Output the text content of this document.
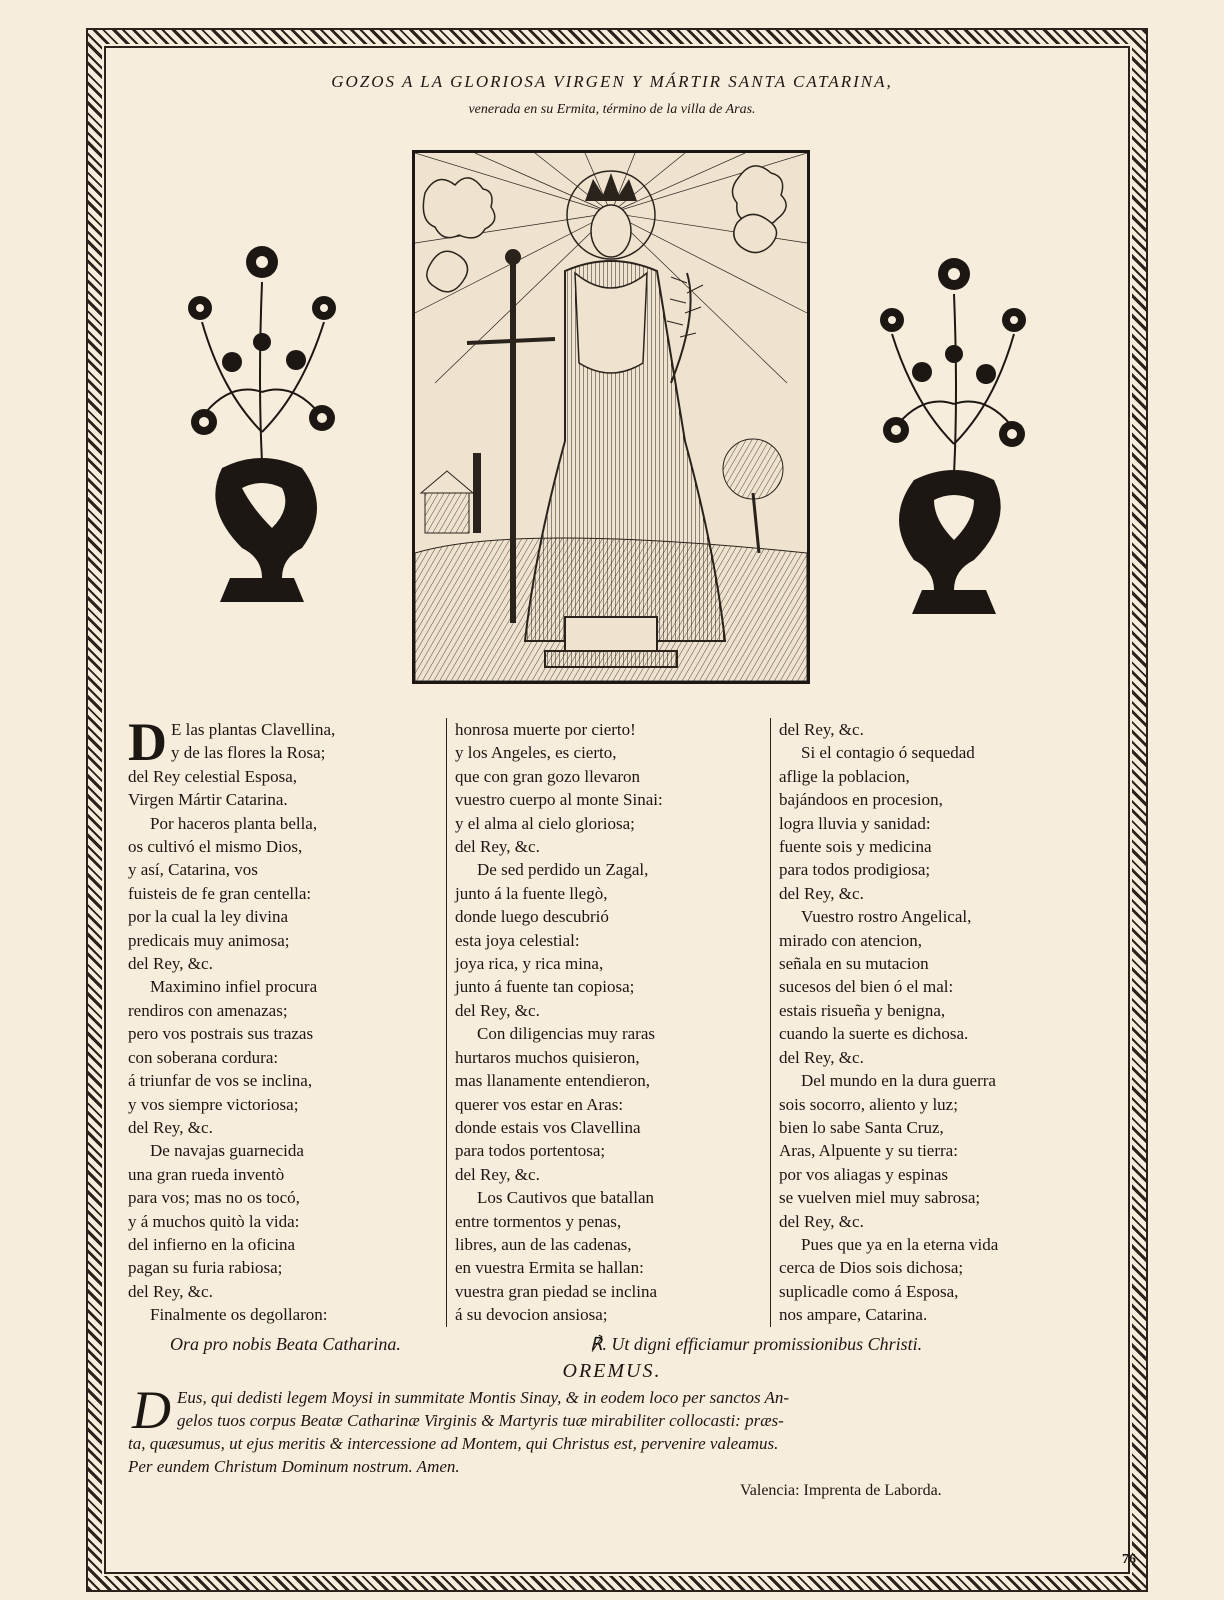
GOZOS A LA GLORIOSA VIRGEN Y MÁRTIR SANTA CATARINA,
venerada en su Ermita, término de la villa de Aras.
D E las plantas Clavellina,
y de las flores la Rosa;
del Rey celestial Esposa,
Virgen Mártir Catarina.
Por haceros planta bella,
os cultivó el mismo Dios,
y así, Catarina, vos
fuisteis de fe gran centella:
por la cual la ley divina
predicais muy animosa;
del Rey, &c.
Maximino infiel procura
rendiros con amenazas;
pero vos postrais sus trazas
con soberana cordura:
á triunfar de vos se inclina,
y vos siempre victoriosa;
del Rey, &c.
De navajas guarnecida
una gran rueda inventò
para vos; mas no os tocó,
y á muchos quitò la vida:
del infierno en la oficina
pagan su furia rabiosa;
del Rey, &c.
Finalmente os degollaron:
honrosa muerte por cierto!
y los Angeles, es cierto,
que con gran gozo llevaron
vuestro cuerpo al monte Sinai:
y el alma al cielo gloriosa;
del Rey, &c.
De sed perdido un Zagal,
junto á la fuente llegò,
donde luego descubrió
esta joya celestial:
joya rica, y rica mina,
junto á fuente tan copiosa;
del Rey, &c.
Con diligencias muy raras
hurtaros muchos quisieron,
mas llanamente entendieron,
querer vos estar en Aras:
donde estais vos Clavellina
para todos portentosa;
del Rey, &c.
Los Cautivos que batallan
entre tormentos y penas,
libres, aun de las cadenas,
en vuestra Ermita se hallan:
vuestra gran piedad se inclina
á su devocion ansiosa;
del Rey, &c.
Si el contagio ó sequedad
aflige la poblacion,
bajándoos en procesion,
logra lluvia y sanidad:
fuente sois y medicina
para todos prodigiosa;
del Rey, &c.
Vuestro rostro Angelical,
mirado con atencion,
señala en su mutacion
sucesos del bien ó el mal:
estais risueña y benigna,
cuando la suerte es dichosa.
del Rey, &c.
Del mundo en la dura guerra
sois socorro, aliento y luz;
bien lo sabe Santa Cruz,
Aras, Alpuente y su tierra:
por vos aliagas y espinas
se vuelven miel muy sabrosa;
del Rey, &c.
Pues que ya en la eterna vida
cerca de Dios sois dichosa;
suplicadle como á Esposa,
nos ampare, Catarina.
Ora pro nobis Beata Catharina.	℟. Ut digni efficiamur promissionibus Christi.
OREMUS.
D Eus, qui dedisti legem Moysi in summitate Montis Sinay, & in eodem loco per sanctos An-
gelos tuos corpus Beatæ Catharinæ Virginis & Martyris tuæ mirabiliter collocasti: præs-
ta, quæsumus, ut ejus meritis & intercessione ad Montem, qui Christus est, pervenire valeamus.
Per eundem Christum Dominum nostrum. Amen.
Valencia: Imprenta de Laborda.
76
